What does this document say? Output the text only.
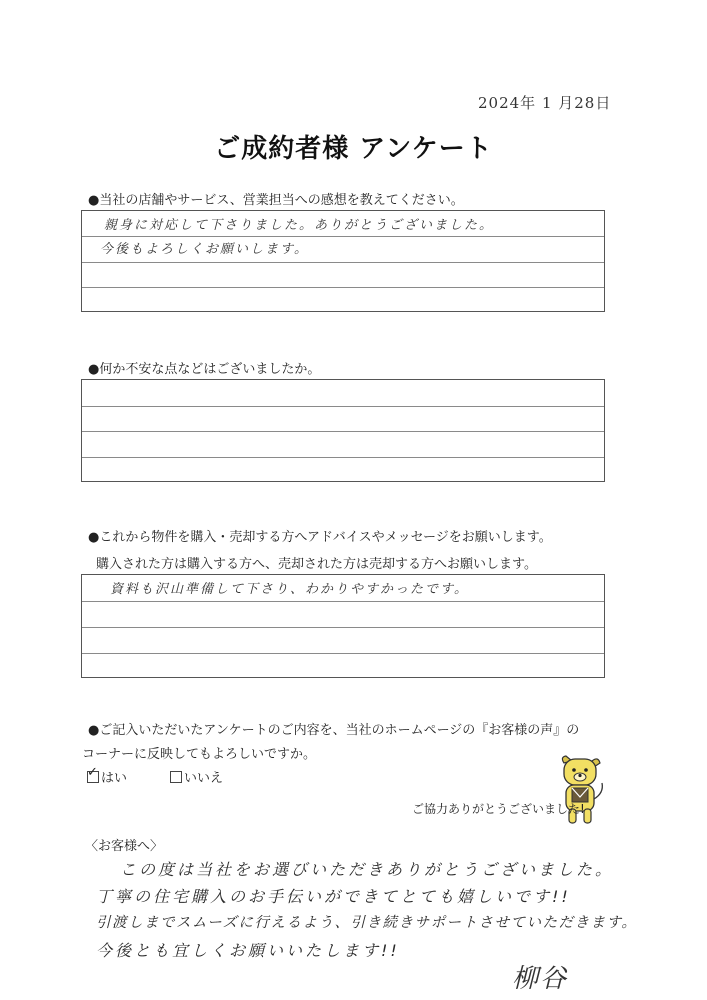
2024年 1 月28日
ご成約者様 アンケート
●当社の店舗やサービス、営業担当への感想を教えてください。
親身に対応して下さりました。ありがとうございました。
今後もよろしくお願いします。
●何か不安な点などはございましたか。
●これから物件を購入・売却する方へアドバイスやメッセージをお願いします。
購入された方は購入する方へ、売却された方は売却する方へお願いします。
資料も沢山準備して下さり、わかりやすかったです。
●ご記入いただいたアンケートのご内容を、当社のホームページの『お客様の声』の
コーナーに反映してもよろしいですか。
✓ はい	いいえ
ご協力ありがとうございました!
〈お客様へ〉
この度は当社をお選びいただきありがとうございました。
丁寧の住宅購入のお手伝いができてとても嬉しいです!!
引渡しまでスムーズに行えるよう、引き続きサポートさせていただきます。
今後とも宜しくお願いいたします!!
柳谷
